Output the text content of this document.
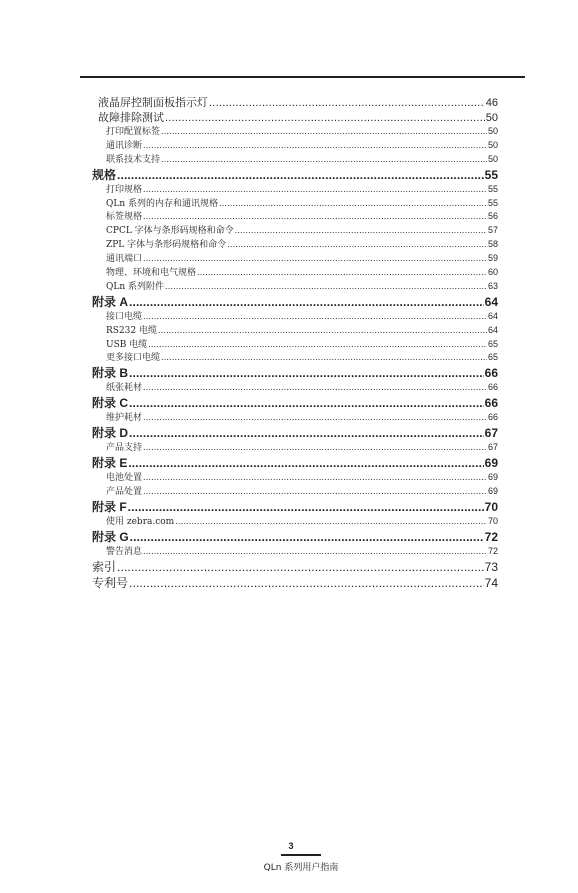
液晶屏控制面板指示灯 . . .	46
故障排除测试 . . .	50
打印配置标签 . . .	50
通讯诊断 . . .	50
联系技术支持 . . .	50
规格 . . .	55
打印规格 . . .	55
QLn 系列的内存和通讯规格 . . .	55
标签规格 . . .	56
CPCL 字体与条形码规格和命令 . . .	57
ZPL 字体与条形码规格和命令 . . .	58
通讯端口 . . .	59
物理、环境和电气规格 . . .	60
QLn 系列附件 . . .	63
附录 A . . .	64
接口电缆 . . .	64
RS232 电缆 . . .	64
USB 电缆 . . .	65
更多接口电缆 . . .	65
附录 B . . .	66
纸张耗材 . . .	66
附录 C . . .	66
维护耗材 . . .	66
附录 D . . .	67
产品支持 . . .	67
附录 E . . .	69
电池处置 . . .	69
产品处置 . . .	69
附录 F . . .	70
使用 zebra.com . . .	70
附录 G . . .	72
警告消息 . . .	72
索引 . . .	73
专利号 . . .	74
3
QLn 系列用户指南
